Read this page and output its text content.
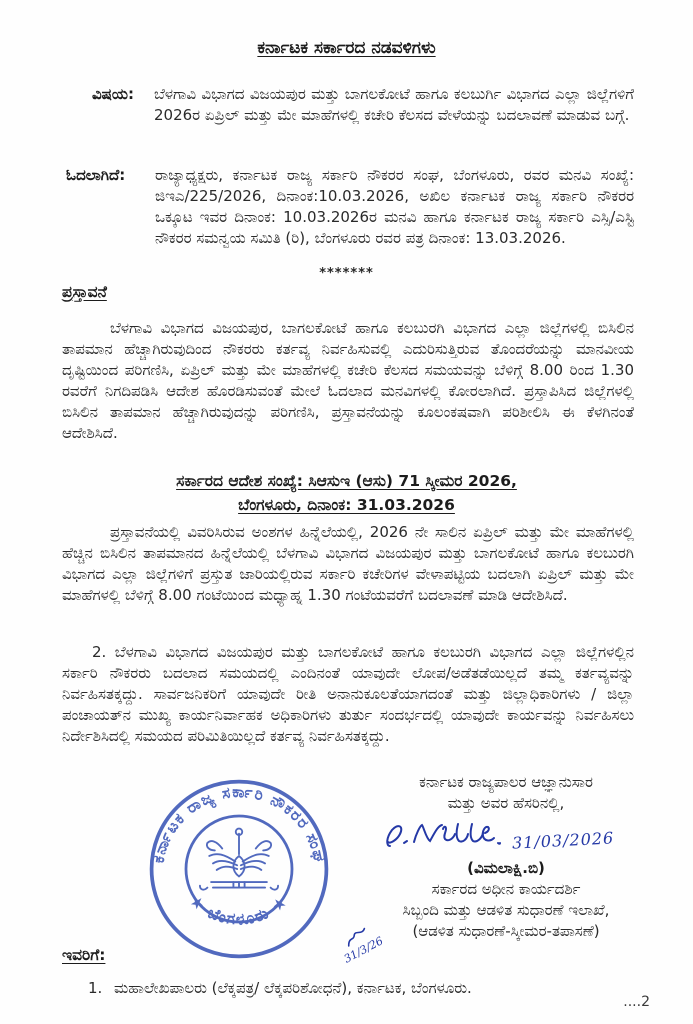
ಕರ್ನಾಟಕ ಸರ್ಕಾರದ ನಡವಳಿಗಳು
ವಿಷಯ:	ಬೆಳಗಾವಿ ವಿಭಾಗದ ವಿಜಯಪುರ ಮತ್ತು ಬಾಗಲಕೋಟೆ ಹಾಗೂ ಕಲಬುರ್ಗಿ ವಿಭಾಗದ ಎಲ್ಲಾ ಜಿಲ್ಲೆಗಳಿಗೆ 2026ರ ಏಪ್ರಿಲ್ ಮತ್ತು ಮೇ ಮಾಹೆಗಳಲ್ಲಿ ಕಚೇರಿ ಕೆಲಸದ ವೇಳೆಯನ್ನು ಬದಲಾವಣೆ ಮಾಡುವ ಬಗ್ಗೆ.
ಓದಲಾಗಿದೆ:	ರಾಜ್ಯಾಧ್ಯಕ್ಷರು, ಕರ್ನಾಟಕ ರಾಜ್ಯ ಸರ್ಕಾರಿ ನೌಕರರ ಸಂಘ, ಬೆಂಗಳೂರು, ರವರ ಮನವಿ ಸಂಖ್ಯೆ: ಜಿಇಎ/225/2026, ದಿನಾಂಕ:10.03.2026, ಅಖಿಲ ಕರ್ನಾಟಕ ರಾಜ್ಯ ಸರ್ಕಾರಿ ನೌಕರರ ಒಕ್ಕೂಟ ಇವರ ದಿನಾಂಕ: 10.03.2026ರ ಮನವಿ ಹಾಗೂ ಕರ್ನಾಟಕ ರಾಜ್ಯ ಸರ್ಕಾರಿ ಎಸ್ಸಿ/ಎಸ್ಟಿ ನೌಕರರ ಸಮನ್ವಯ ಸಮಿತಿ (ರಿ), ಬೆಂಗಳೂರು ರವರ ಪತ್ರ ದಿನಾಂಕ: 13.03.2026.
*******
ಪ್ರಸ್ತಾವನೆ
ಬೆಳಗಾವಿ ವಿಭಾಗದ ವಿಜಯಪುರ, ಬಾಗಲಕೋಟೆ ಹಾಗೂ ಕಲಬುರಗಿ ವಿಭಾಗದ ಎಲ್ಲಾ ಜಿಲ್ಲೆಗಳಲ್ಲಿ ಬಿಸಿಲಿನ ತಾಪಮಾನ ಹೆಚ್ಚಾಗಿರುವುದಿಂದ ನೌಕರರು ಕರ್ತವ್ಯ ನಿರ್ವಹಿಸುವಲ್ಲಿ ಎದುರಿಸುತ್ತಿರುವ ತೊಂದರೆಯನ್ನು ಮಾನವೀಯ ದೃಷ್ಟಿಯಿಂದ ಪರಿಗಣಿಸಿ, ಏಪ್ರಿಲ್ ಮತ್ತು ಮೇ ಮಾಹೆಗಳಲ್ಲಿ ಕಚೇರಿ ಕೆಲಸದ ಸಮಯವನ್ನು ಬೆಳಿಗ್ಗೆ 8.00 ರಿಂದ 1.30 ರವರೆಗೆ ನಿಗದಿಪಡಿಸಿ ಆದೇಶ ಹೊರಡಿಸುವಂತೆ ಮೇಲೆ ಓದಲಾದ ಮನವಿಗಳಲ್ಲಿ ಕೋರಲಾಗಿದೆ. ಪ್ರಸ್ತಾಪಿಸಿದ ಜಿಲ್ಲೆಗಳಲ್ಲಿ ಬಿಸಿಲಿನ ತಾಪಮಾನ ಹೆಚ್ಚಾಗಿರುವುದನ್ನು ಪರಿಗಣಿಸಿ, ಪ್ರಸ್ತಾವನೆಯನ್ನು ಕೂಲಂಕಷವಾಗಿ ಪರಿಶೀಲಿಸಿ ಈ ಕೆಳಗಿನಂತೆ ಆದೇಶಿಸಿದೆ.
ಸರ್ಕಾರದ ಆದೇಶ ಸಂಖ್ಯೆ: ಸಿಆಸುಇ (ಆಸು) 71 ಸ್ಕೀಮರ 2026,
ಬೆಂಗಳೂರು, ದಿನಾಂಕ: 31.03.2026
ಪ್ರಸ್ತಾವನೆಯಲ್ಲಿ ವಿವರಿಸಿರುವ ಅಂಶಗಳ ಹಿನ್ನೆಲೆಯಲ್ಲಿ, 2026 ನೇ ಸಾಲಿನ ಏಪ್ರಿಲ್ ಮತ್ತು ಮೇ ಮಾಹೆಗಳಲ್ಲಿ ಹೆಚ್ಚಿನ ಬಿಸಿಲಿನ ತಾಪಮಾನದ ಹಿನ್ನೆಲೆಯಲ್ಲಿ ಬೆಳಗಾವಿ ವಿಭಾಗದ ವಿಜಯಪುರ ಮತ್ತು ಬಾಗಲಕೋಟೆ ಹಾಗೂ ಕಲಬುರಗಿ ವಿಭಾಗದ ಎಲ್ಲಾ ಜಿಲ್ಲೆಗಳಿಗೆ ಪ್ರಸ್ತುತ ಜಾರಿಯಲ್ಲಿರುವ ಸರ್ಕಾರಿ ಕಚೇರಿಗಳ ವೇಳಾಪಟ್ಟಿಯ ಬದಲಾಗಿ ಏಪ್ರಿಲ್ ಮತ್ತು ಮೇ ಮಾಹೆಗಳಲ್ಲಿ ಬೆಳಿಗ್ಗೆ 8.00 ಗಂಟೆಯಿಂದ ಮಧ್ಯಾಹ್ನ 1.30 ಗಂಟೆಯವರೆಗೆ ಬದಲಾವಣೆ ಮಾಡಿ ಆದೇಶಿಸಿದೆ.
2. ಬೆಳಗಾವಿ ವಿಭಾಗದ ವಿಜಯಪುರ ಮತ್ತು ಬಾಗಲಕೋಟೆ ಹಾಗೂ ಕಲಬುರಗಿ ವಿಭಾಗದ ಎಲ್ಲಾ ಜಿಲ್ಲೆಗಳಲ್ಲಿನ ಸರ್ಕಾರಿ ನೌಕರರು ಬದಲಾದ ಸಮಯದಲ್ಲಿ ಎಂದಿನಂತೆ ಯಾವುದೇ ಲೋಪ/ಅಡೆತಡೆಯಿಲ್ಲದೆ ತಮ್ಮ ಕರ್ತವ್ಯವನ್ನು ನಿರ್ವಹಿಸತಕ್ಕದ್ದು. ಸಾರ್ವಜನಿಕರಿಗೆ ಯಾವುದೇ ರೀತಿ ಅನಾನುಕೂಲತೆಯಾಗದಂತೆ ಮತ್ತು ಜಿಲ್ಲಾಧಿಕಾರಿಗಳು / ಜಿಲ್ಲಾ ಪಂಚಾಯತ್‌ನ ಮುಖ್ಯ ಕಾರ್ಯನಿರ್ವಾಹಕ ಅಧಿಕಾರಿಗಳು ತುರ್ತು ಸಂದರ್ಭದಲ್ಲಿ ಯಾವುದೇ ಕಾರ್ಯವನ್ನು ನಿರ್ವಹಿಸಲು ನಿರ್ದೇಶಿಸಿದಲ್ಲಿ ಸಮಯದ ಪರಿಮಿತಿಯಿಲ್ಲದೆ ಕರ್ತವ್ಯ ನಿರ್ವಹಿಸತಕ್ಕದ್ದು.
ಕರ್ನಾಟಕ ರಾಜ್ಯಪಾಲರ ಆಜ್ಞಾನುಸಾರ
ಮತ್ತು ಅವರ ಹೆಸರಿನಲ್ಲಿ,
31/03/2026
(ವಿಮಲಾಕ್ಷಿ.ಬಿ)
ಸರ್ಕಾರದ ಅಧೀನ ಕಾರ್ಯದರ್ಶಿ
ಸಿಬ್ಬಂದಿ ಮತ್ತು ಆಡಳಿತ ಸುಧಾರಣೆ ಇಲಾಖೆ,
(ಆಡಳಿತ ಸುಧಾರಣೆ-ಸ್ಕೀಮರ-ತಪಾಸಣೆ)
31/3/26
ಕರ್ನಾಟಕ ರಾಜ್ಯ ಸರ್ಕಾರಿ ನೌಕರರ ಸಂಘ
★ ಬೆಂಗಳೂರು ★
ಇವರಿಗೆ:
1. ಮಹಾಲೇಖಪಾಲರು (ಲೆಕ್ಕಪತ್ರ/ ಲೆಕ್ಕಪರಿಶೋಧನೆ), ಕರ್ನಾಟಕ, ಬೆಂಗಳೂರು.
....2
